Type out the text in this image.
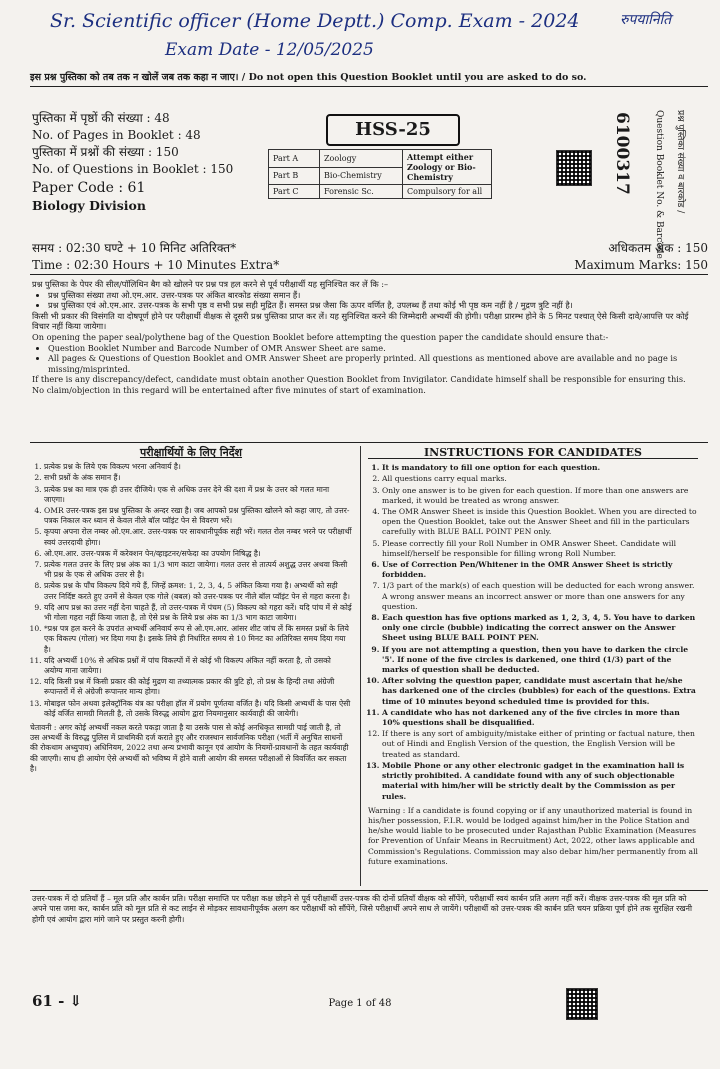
Sr. Scientific officer (Home Deptt.) Comp. Exam - 2024	रुपयानिति
Exam Date - 12/05/2025
इस प्रश्न पुस्तिका को तब तक न खोलें जब तक कहा न जाए। / Do not open this Question Booklet until you are asked to do so.
पुस्तिका में पृष्ठों की संख्या : 48
No. of Pages in Booklet : 48
पुस्तिका में प्रश्नों की संख्या : 150
No. of Questions in Booklet : 150
Paper Code : 61
Biology Division
HSS-25
Part A	Zoology	Attempt either Zoology or Bio-Chemistry
Part B	Bio-Chemistry	
Part C	Forensic Sc.	Compulsory for all	6100317 Question Booklet No. & Barcode प्रश्न पुस्तिका संख्या व बारकोड /
समय : 02:30 घण्टे + 10 मिनिट अतिरिक्त*
Time : 02:30 Hours + 10 Minutes Extra*
अधिकतम अंक : 150
Maximum Marks: 150

प्रश्न पुस्तिका के पेपर की सील/पॉलिथिन बैग को खोलने पर प्रश्न पत्र हल करने से पूर्व परीक्षार्थी यह सुनिश्चित कर लें कि :–

• प्रश्न पुस्तिका संख्या तथा ओ.एम.आर. उत्तर-पत्रक पर अंकित बारकोड संख्या समान हैं।
• प्रश्न पुस्तिका एवं ओ.एम.आर. उत्तर-पत्रक के सभी पृष्ठ व सभी प्रश्न सही मुद्रित हैं। समस्त प्रश्न जैसा कि ऊपर वर्णित है, उपलब्ध हैं तथा कोई भी पृष्ठ कम नहीं है / मुद्रण त्रुटि नहीं है।

किसी भी प्रकार की विसंगति या दोषपूर्ण होने पर परीक्षार्थी वीक्षक से दूसरी प्रश्न पुस्तिका प्राप्त कर लें। यह सुनिश्चित करने की जिम्मेदारी अभ्यर्थी की होगी। परीक्षा प्रारम्भ होने के 5 मिनट पश्चात् ऐसे किसी दावे/आपत्ति पर कोई विचार नहीं किया जायेगा।

On opening the paper seal/polythene bag of the Question Booklet before attempting the question paper the candidate should ensure that:-

• Question Booklet Number and Barcode Number of OMR Answer Sheet are same.
• All pages & Questions of Question Booklet and OMR Answer Sheet are properly printed. All questions as mentioned above are available and no page is missing/misprinted.

If there is any discrepancy/defect, candidate must obtain another Question Booklet from Invigilator. Candidate himself shall be responsible for ensuring this. No claim/objection in this regard will be entertained after five minutes of start of examination.

परीक्षार्थियों के लिए निर्देश
1. प्रत्येक प्रश्न के लिये एक विकल्प भरना अनिवार्य है।
2. सभी प्रश्नों के अंक समान हैं।
3. प्रत्येक प्रश्न का मात्र एक ही उत्तर दीजिये। एक से अधिक उत्तर देने की दशा में प्रश्न के उत्तर को गलत माना जाएगा।
4. OMR उत्तर-पत्रक इस प्रश्न पुस्तिका के अन्दर रखा है। जब आपको प्रश्न पुस्तिका खोलने को कहा जाए, तो उत्तर-पत्रक निकाल कर ध्यान से केवल नीले बॉल प्वॉइंट पेन से विवरण भरें।
5. कृपया अपना रोल नम्बर ओ.एम.आर. उत्तर-पत्रक पर सावधानीपूर्वक सही भरें। गलत रोल नम्बर भरने पर परीक्षार्थी स्वयं उत्तरदायी होगा।
6. ओ.एम.आर. उत्तर-पत्रक में करेक्शन पेन/व्हाइटनर/सफेदा का उपयोग निषिद्ध है।
7. प्रत्येक गलत उत्तर के लिए प्रश्न अंक का 1/3 भाग काटा जायेगा। गलत उत्तर से तात्पर्य अशुद्ध उत्तर अथवा किसी भी प्रश्न के एक से अधिक उत्तर से है।
8. प्रत्येक प्रश्न के पाँच विकल्प दिये गये हैं, जिन्हें क्रमश: 1, 2, 3, 4, 5 अंकित किया गया है। अभ्यर्थी को सही उत्तर निर्दिष्ट करते हुए उनमें से केवल एक गोले (बबल) को उत्तर-पत्रक पर नीले बॉल प्वॉइंट पेन से गहरा करना है।
9. यदि आप प्रश्न का उत्तर नहीं देना चाहते हैं, तो उत्तर-पत्रक में पंचम (5) विकल्प को गहरा करें। यदि पांच में से कोई भी गोला गहरा नहीं किया जाता है, तो ऐसे प्रश्न के लिये प्रश्न अंक का 1/3 भाग काटा जायेगा।
10. *प्रश्न पत्र हल करने के उपरांत अभ्यर्थी अनिवार्य रूप से ओ.एम.आर. आंसर शीट जांच लें कि समस्त प्रश्नों के लिये एक विकल्प (गोला) भर दिया गया है। इसके लिये ही निर्धारित समय से 10 मिनट का अतिरिक्त समय दिया गया है।
11. यदि अभ्यर्थी 10% से अधिक प्रश्नों में पांच विकल्पों में से कोई भी विकल्प अंकित नहीं करता है, तो उसको अयोग्य माना जायेगा।
12. यदि किसी प्रश्न में किसी प्रकार की कोई मुद्रण या तथ्यात्मक प्रकार की त्रुटि हो, तो प्रश्न के हिन्दी तथा अंग्रेजी रूपान्तरों में से अंग्रेजी रूपान्तर मान्य होगा।
13. मोबाइल फोन अथवा इलेक्ट्रॉनिक यंत्र का परीक्षा हॉल में प्रयोग पूर्णतया वर्जित है। यदि किसी अभ्यर्थी के पास ऐसी कोई वर्जित सामग्री मिलती है, तो उसके विरुद्ध आयोग द्वारा नियमानुसार कार्यवाही की जायेगी।

चेतावनी : अगर कोई अभ्यर्थी नकल करते पकड़ा जाता है या उसके पास से कोई अनधिकृत सामग्री पाई जाती है, तो उस अभ्यर्थी के विरुद्ध पुलिस में प्राथमिकी दर्ज कराते हुए और राजस्थान सार्वजनिक परीक्षा (भर्ती में अनुचित साधनों की रोकथाम अध्युपाय) अधिनियम, 2022 तथा अन्य प्रभावी कानून एवं आयोग के नियमों-प्रावधानों के तहत कार्यवाही की जाएगी। साथ ही आयोग ऐसे अभ्यर्थी को भविष्य में होने वाली आयोग की समस्त परीक्षाओं से विवर्जित कर सकता है।

INSTRUCTIONS FOR CANDIDATES
1. It is mandatory to fill one option for each question.
2. All questions carry equal marks.
3. Only one answer is to be given for each question. If more than one answers are marked, it would be treated as wrong answer.
4. The OMR Answer Sheet is inside this Question Booklet. When you are directed to open the Question Booklet, take out the Answer Sheet and fill in the particulars carefully with BLUE BALL POINT PEN only.
5. Please correctly fill your Roll Number in OMR Answer Sheet. Candidate will himself/herself be responsible for filling wrong Roll Number.
6. Use of Correction Pen/Whitener in the OMR Answer Sheet is strictly forbidden.
7. 1/3 part of the mark(s) of each question will be deducted for each wrong answer. A wrong answer means an incorrect answer or more than one answers for any question.
8. Each question has five options marked as 1, 2, 3, 4, 5. You have to darken only one circle (bubble) indicating the correct answer on the Answer Sheet using BLUE BALL POINT PEN.
9. If you are not attempting a question, then you have to darken the circle '5'. If none of the five circles is darkened, one third (1/3) part of the marks of question shall be deducted.
10. After solving the question paper, candidate must ascertain that he/she has darkened one of the circles (bubbles) for each of the questions. Extra time of 10 minutes beyond scheduled time is provided for this.
11. A candidate who has not darkened any of the five circles in more than 10% questions shall be disqualified.
12. If there is any sort of ambiguity/mistake either of printing or factual nature, then out of Hindi and English Version of the question, the English Version will be treated as standard.
13. Mobile Phone or any other electronic gadget in the examination hall is strictly prohibited. A candidate found with any of such objectionable material with him/her will be strictly dealt by the Commission as per rules.

Warning : If a candidate is found copying or if any unauthorized material is found in his/her possession, F.I.R. would be lodged against him/her in the Police Station and he/she would liable to be prosecuted under Rajasthan Public Examination (Measures for Prevention of Unfair Means in Recruitment) Act, 2022, other laws applicable and Commission's Regulations. Commission may also debar him/her permanently from all future examinations.

उत्तर-पत्रक में दो प्रतियाँ हैं – मूल प्रति और कार्बन प्रति। परीक्षा समाप्ति पर परीक्षा कक्ष छोड़ने से पूर्व परीक्षार्थी उत्तर-पत्रक की दोनों प्रतियाँ वीक्षक को सौंपेंगे, परीक्षार्थी स्वयं कार्बन प्रति अलग नहीं करें। वीक्षक उत्तर-पत्रक की मूल प्रति को अपने पास जमा कर, कार्बन प्रति को मूल प्रति से कट लाईन से मोड़कर सावधानीपूर्वक अलग कर परीक्षार्थी को सौंपेंगे, जिसे परीक्षार्थी अपने साथ ले जायेंगे। परीक्षार्थी को उत्तर-पत्रक की कार्बन प्रति चयन प्रक्रिया पूर्ण होने तक सुरक्षित रखनी होगी एवं आयोग द्वारा मांगे जाने पर प्रस्तुत करनी होगी।
61 - ⇓	Page 1 of 48
